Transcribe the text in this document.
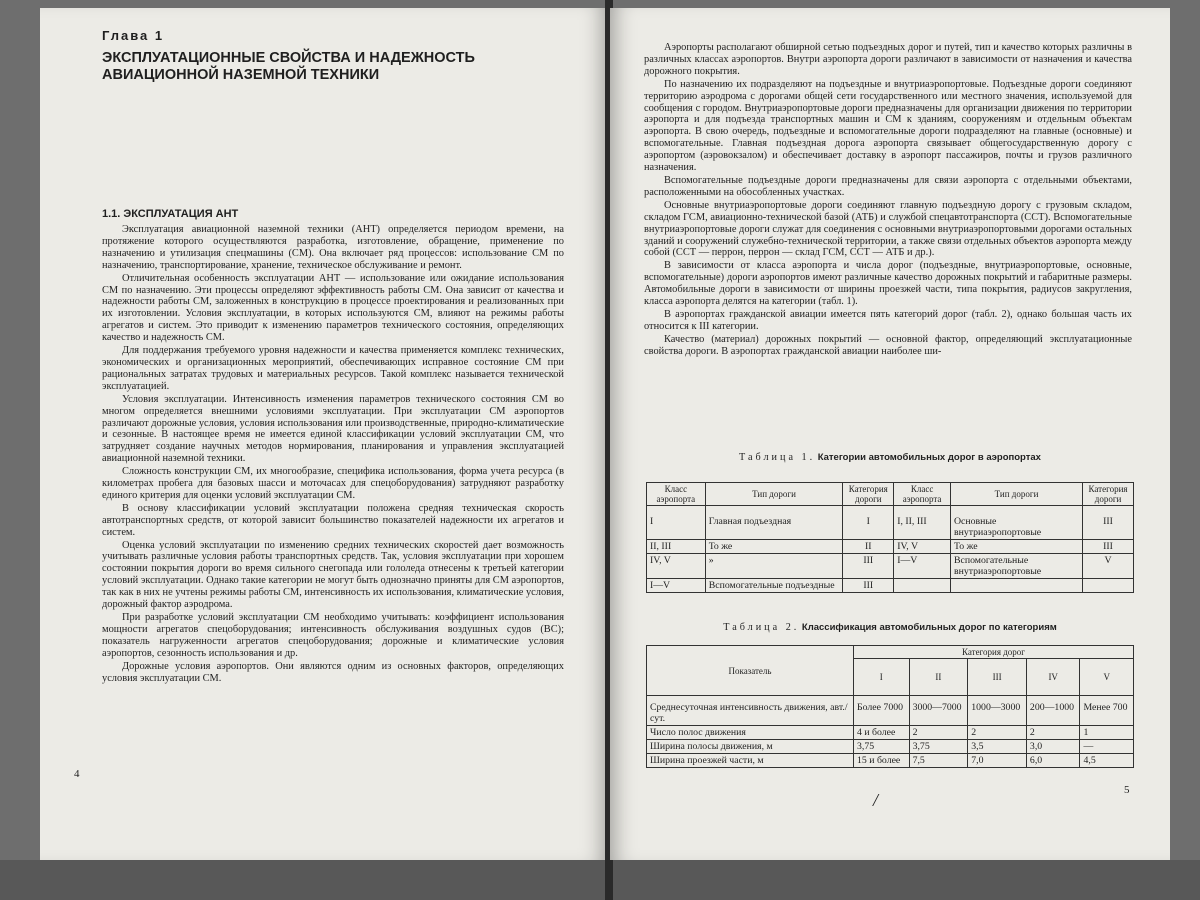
Глава 1
ЭКСПЛУАТАЦИОННЫЕ СВОЙСТВА И НАДЕЖНОСТЬ АВИАЦИОННОЙ НАЗЕМНОЙ ТЕХНИКИ
1.1. ЭКСПЛУАТАЦИЯ АНТ

Эксплуатация авиационной наземной техники (АНТ) определяется периодом времени, на протяжение которого осуществляются разработка, изготовление, обращение, применение по назначению и утилизация спецмашины (СМ). Она включает ряд процессов: использование СМ по назначению, транспортирование, хранение, техническое обслуживание и ремонт.

Отличительная особенность эксплуатации АНТ — использование или ожидание использования СМ по назначению. Эти процессы определяют эффективность работы СМ. Она зависит от качества и надежности работы СМ, заложенных в конструкцию в процессе проектирования и реализованных при их изготовлении. Условия эксплуатации, в которых используются СМ, влияют на режимы работы агрегатов и систем. Это приводит к изменению параметров технического состояния, определяющих качество и надежность СМ.

Для поддержания требуемого уровня надежности и качества применяется комплекс технических, экономических и организационных мероприятий, обеспечивающих исправное состояние СМ при рациональных затратах трудовых и материальных ресурсов. Такой комплекс называется технической эксплуатацией.

Условия эксплуатации. Интенсивность изменения параметров технического состояния СМ во многом определяется внешними условиями эксплуатации. При эксплуатации СМ аэропортов различают дорожные условия, условия использования или производственные, природно-климатические и сезонные. В настоящее время не имеется единой классификации условий эксплуатации СМ, что затрудняет создание научных методов нормирования, планирования и управления эксплуатацией авиационной наземной техники.

Сложность конструкции СМ, их многообразие, специфика использования, форма учета ресурса (в километрах пробега для базовых шасси и моточасах для спецоборудования) затрудняют разработку единого критерия для оценки условий эксплуатации СМ.

В основу классификации условий эксплуатации положена средняя техническая скорость автотранспортных средств, от которой зависит большинство показателей надежности их агрегатов и систем.

Оценка условий эксплуатации по изменению средних технических скоростей дает возможность учитывать различные условия работы транспортных средств. Так, условия эксплуатации при хорошем состоянии покрытия дороги во время сильного снегопада или гололеда отнесены к третьей категории условий эксплуатации. Однако такие категории не могут быть однозначно приняты для СМ аэропортов, так как в них не учтены режимы работы СМ, интенсивность их использования, климатические условия, дорожный фактор аэродрома.

При разработке условий эксплуатации СМ необходимо учитывать: коэффициент использования мощности агрегатов спецоборудования; интенсивность обслуживания воздушных судов (ВС); показатель нагруженности агрегатов спецоборудования; дорожные и климатические условия аэропортов, сезонность использования и др.

Дорожные условия аэропортов. Они являются одним из основных факторов, определяющих условия эксплуатации СМ.

4

Аэропорты располагают обширной сетью подъездных дорог и путей, тип и качество которых различны в различных классах аэропортов. Внутри аэропорта дороги различают в зависимости от назначения и качества дорожного покрытия.

По назначению их подразделяют на подъездные и внутриаэропортовые. Подъездные дороги соединяют территорию аэродрома с дорогами общей сети государственного или местного значения, используемой для сообщения с городом. Внутриаэропортовые дороги предназначены для организации движения по территории аэропорта и для подъезда транспортных машин и СМ к зданиям, сооружениям и отдельным объектам аэропорта. В свою очередь, подъездные и вспомогательные дороги подразделяют на главные (основные) и вспомогательные. Главная подъездная дорога аэропорта связывает общегосударственную дорогу с аэропортом (аэровокзалом) и обеспечивает доставку в аэропорт пассажиров, почты и грузов различного назначения.

Вспомогательные подъездные дороги предназначены для связи аэропорта с отдельными объектами, расположенными на обособленных участках.

Основные внутриаэропортовые дороги соединяют главную подъездную дорогу с грузовым складом, складом ГСМ, авиационно-технической базой (АТБ) и службой спецавтотранспорта (ССТ). Вспомогательные внутриаэропортовые дороги служат для соединения с основными внутриаэропортовыми дорогами остальных зданий и сооружений служебно-технической территории, а также связи отдельных объектов аэропорта между собой (ССТ — перрон, перрон — склад ГСМ, ССТ — АТБ и др.).

В зависимости от класса аэропорта и числа дорог (подъездные, внутриаэропортовые, основные, вспомогательные) дороги аэропортов имеют различные качество дорожных покрытий и габаритные размеры. Автомобильные дороги в зависимости от ширины проезжей части, типа покрытия, радиусов закругления, класса аэропорта делятся на категории (табл. 1).

В аэропортах гражданской авиации имеется пять категорий дорог (табл. 2), однако большая часть их относится к III категории.

Качество (материал) дорожных покрытий — основной фактор, определяющий эксплуатационные свойства дороги. В аэропортах гражданской авиации наиболее ши-

Таблица 1. Категории автомобильных дорог в аэропортах
Класс аэропорта	Тип дороги	Категория дороги	Класс аэропорта	Тип дороги	Категория дороги
I	Главная подъездная	I	I, II, III	Основные внутриаэропортовые	III
II, III	То же	II	IV, V	То же	III
IV, V	»	III	I—V	Вспомогательные внутриаэропортовые	V
I—V	Вспомогательные подъездные	III			
Таблица 2. Классификация автомобильных дорог по категориям
Показатель	Категория дорог				
	I	II	III	IV	V
Среднесуточная интенсивность движения, авт./сут.	Более 7000	3000—7000	1000—3000	200—1000	Менее 700
Число полос движения	4 и более	2	2	2	1
Ширина полосы движения, м	3,75	3,75	3,5	3,0	—
Ширина проезжей части, м	15 и более	7,5	7,0	6,0	4,5
5
/
